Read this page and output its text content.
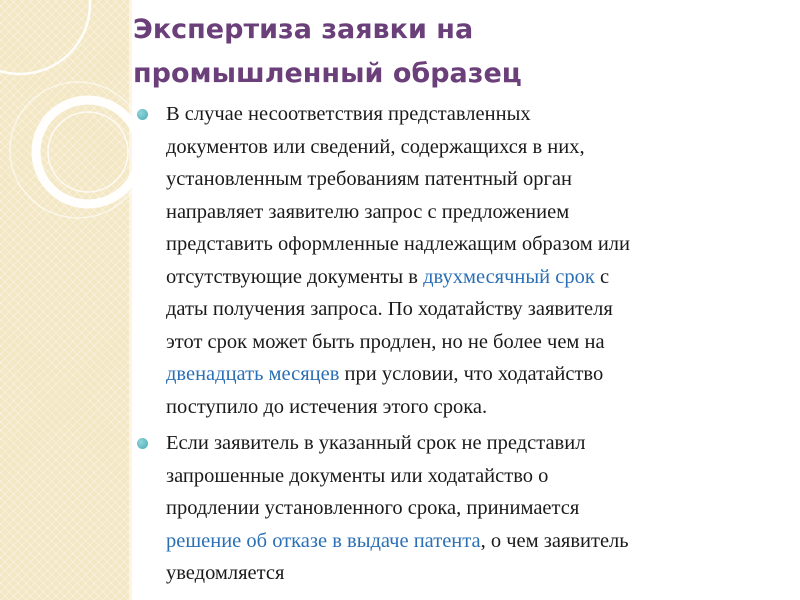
Экспертиза заявки на
промышленный образец
В случае несоответствия представленных
документов или сведений, содержащихся в них,
установленным требованиям патентный орган
направляет заявителю запрос с предложением
представить оформленные надлежащим образом или
отсутствующие документы в двухмесячный срок с
даты получения запроса. По ходатайству заявителя
этот срок может быть продлен, но не более чем на
двенадцать месяцев при условии, что ходатайство
поступило до истечения этого срока.
Если заявитель в указанный срок не представил
запрошенные документы или ходатайство о
продлении установленного срока, принимается
решение об отказе в выдаче патента, о чем заявитель
уведомляется
